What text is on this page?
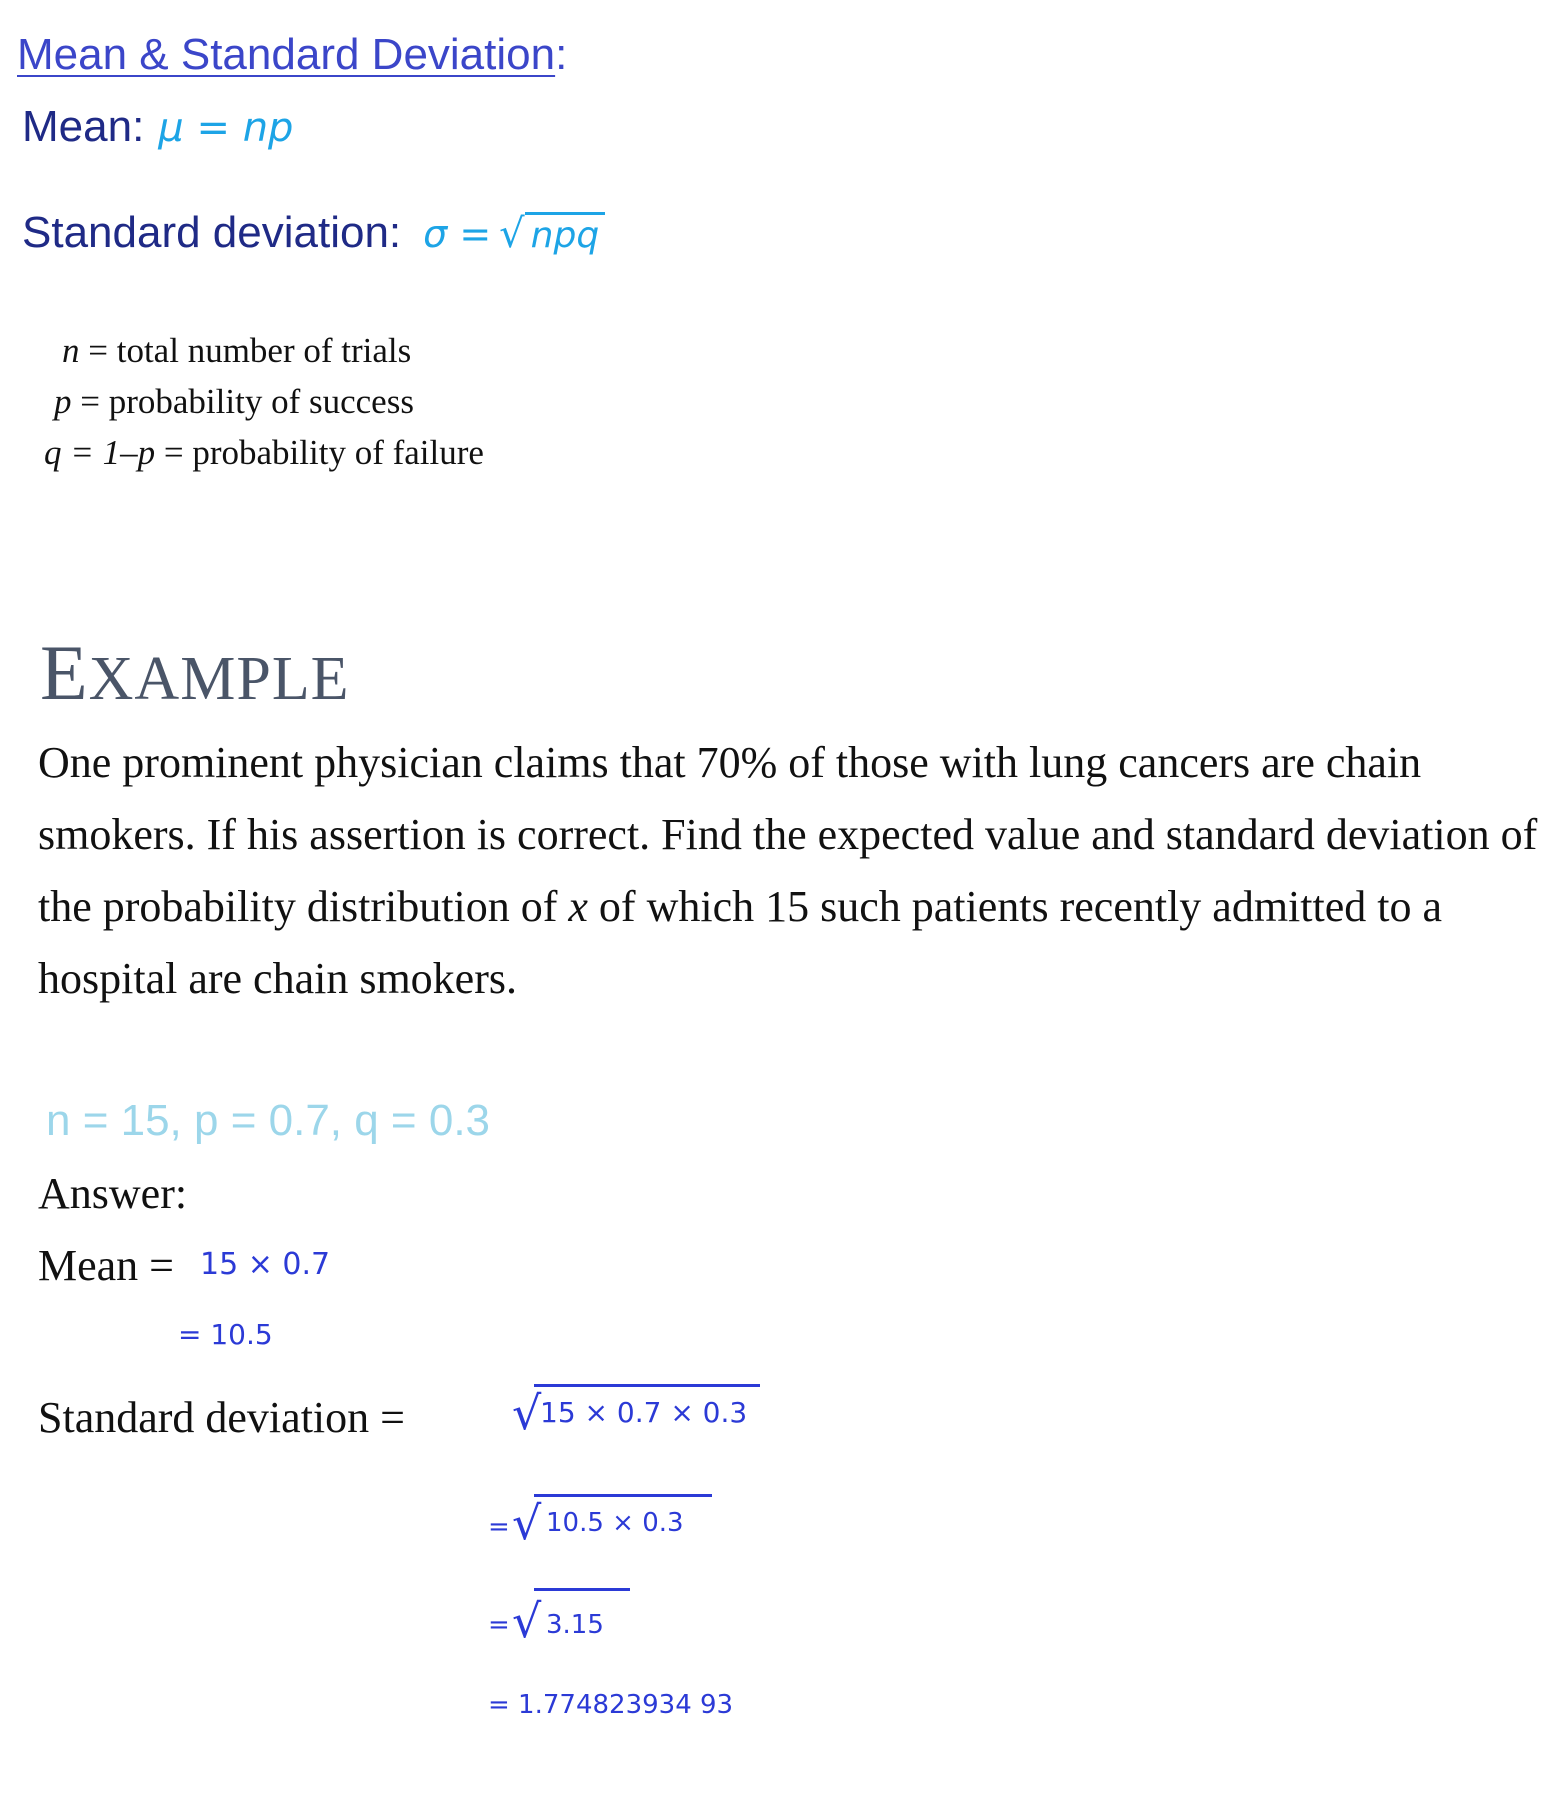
Mean & Standard Deviation:
Mean: μ = np
Standard deviation: σ = √ npq
n = total number of trials
p = probability of success
q = 1–p = probability of failure
EXAMPLE
One prominent physician claims that 70% of those with lung cancers are chain smokers. If his assertion is correct. Find the expected value and standard deviation of the probability distribution of x of which 15 such patients recently admitted to a hospital are chain smokers.
n = 15, p = 0.7, q = 0.3
Answer:
Mean = 15 × 0.7
= 10.5
Standard deviation = √
15 × 0.7 × 0.3
= √ 10.5 × 0.3
= √ 3.15
= 1.774823934 93
